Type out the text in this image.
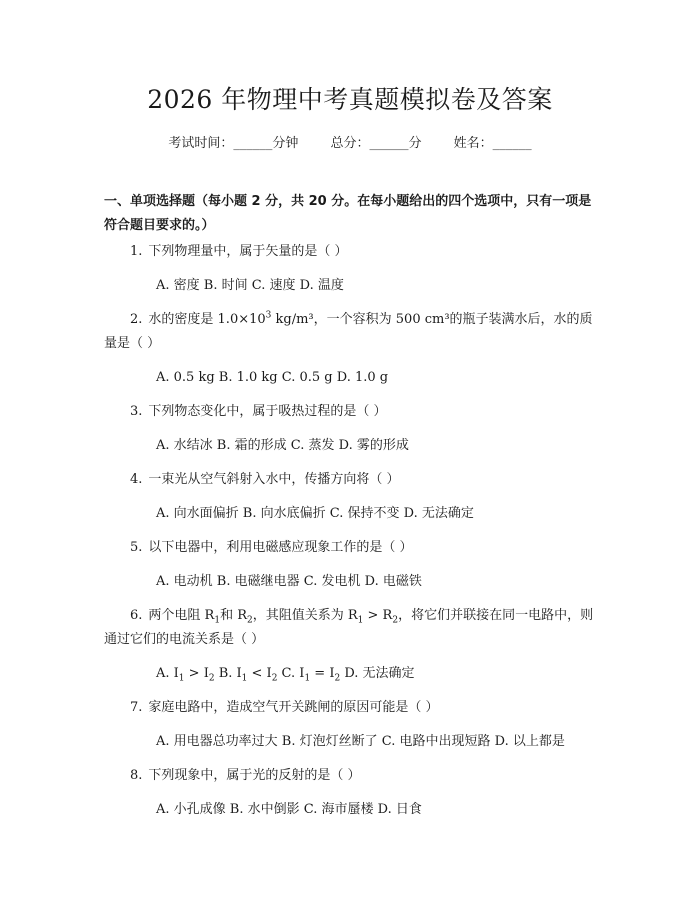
2026 年物理中考真题模拟卷及答案
考试时间：______分钟 总分：______分 姓名：______
一、单项选择题（每小题 2 分，共 20 分。在每小题给出的四个选项中，只有一项是符合题目要求的。）

1. 下列物理量中，属于矢量的是（ ）

A. 密度 B. 时间 C. 速度 D. 温度

2. 水的密度是 $1.0\times 10^3$ kg/m³，一个容积为 500 cm³的瓶子装满水后，水的质量是（ ）

A. 0.5 kg B. 1.0 kg C. 0.5 g D. 1.0 g

3. 下列物态变化中，属于吸热过程的是（ ）

A. 水结冰 B. 霜的形成 C. 蒸发 D. 雾的形成

4. 一束光从空气斜射入水中，传播方向将（ ）

A. 向水面偏折 B. 向水底偏折 C. 保持不变 D. 无法确定

5. 以下电器中，利用电磁感应现象工作的是（ ）

A. 电动机 B. 电磁继电器 C. 发电机 D. 电磁铁

6. 两个电阻 $R_1$和 $R_2$，其阻值关系为 $R_1 > R_2$，将它们并联接在同一电路中，则通过它们的电流关系是（ ）

A. $I_1 > I_2$ B. $I_1 < I_2$ C. $I_1 = I_2$ D. 无法确定

7. 家庭电路中，造成空气开关跳闸的原因可能是（ ）

A. 用电器总功率过大 B. 灯泡灯丝断了 C. 电路中出现短路 D. 以上都是

8. 下列现象中，属于光的反射的是（ ）

A. 小孔成像 B. 水中倒影 C. 海市蜃楼 D. 日食
